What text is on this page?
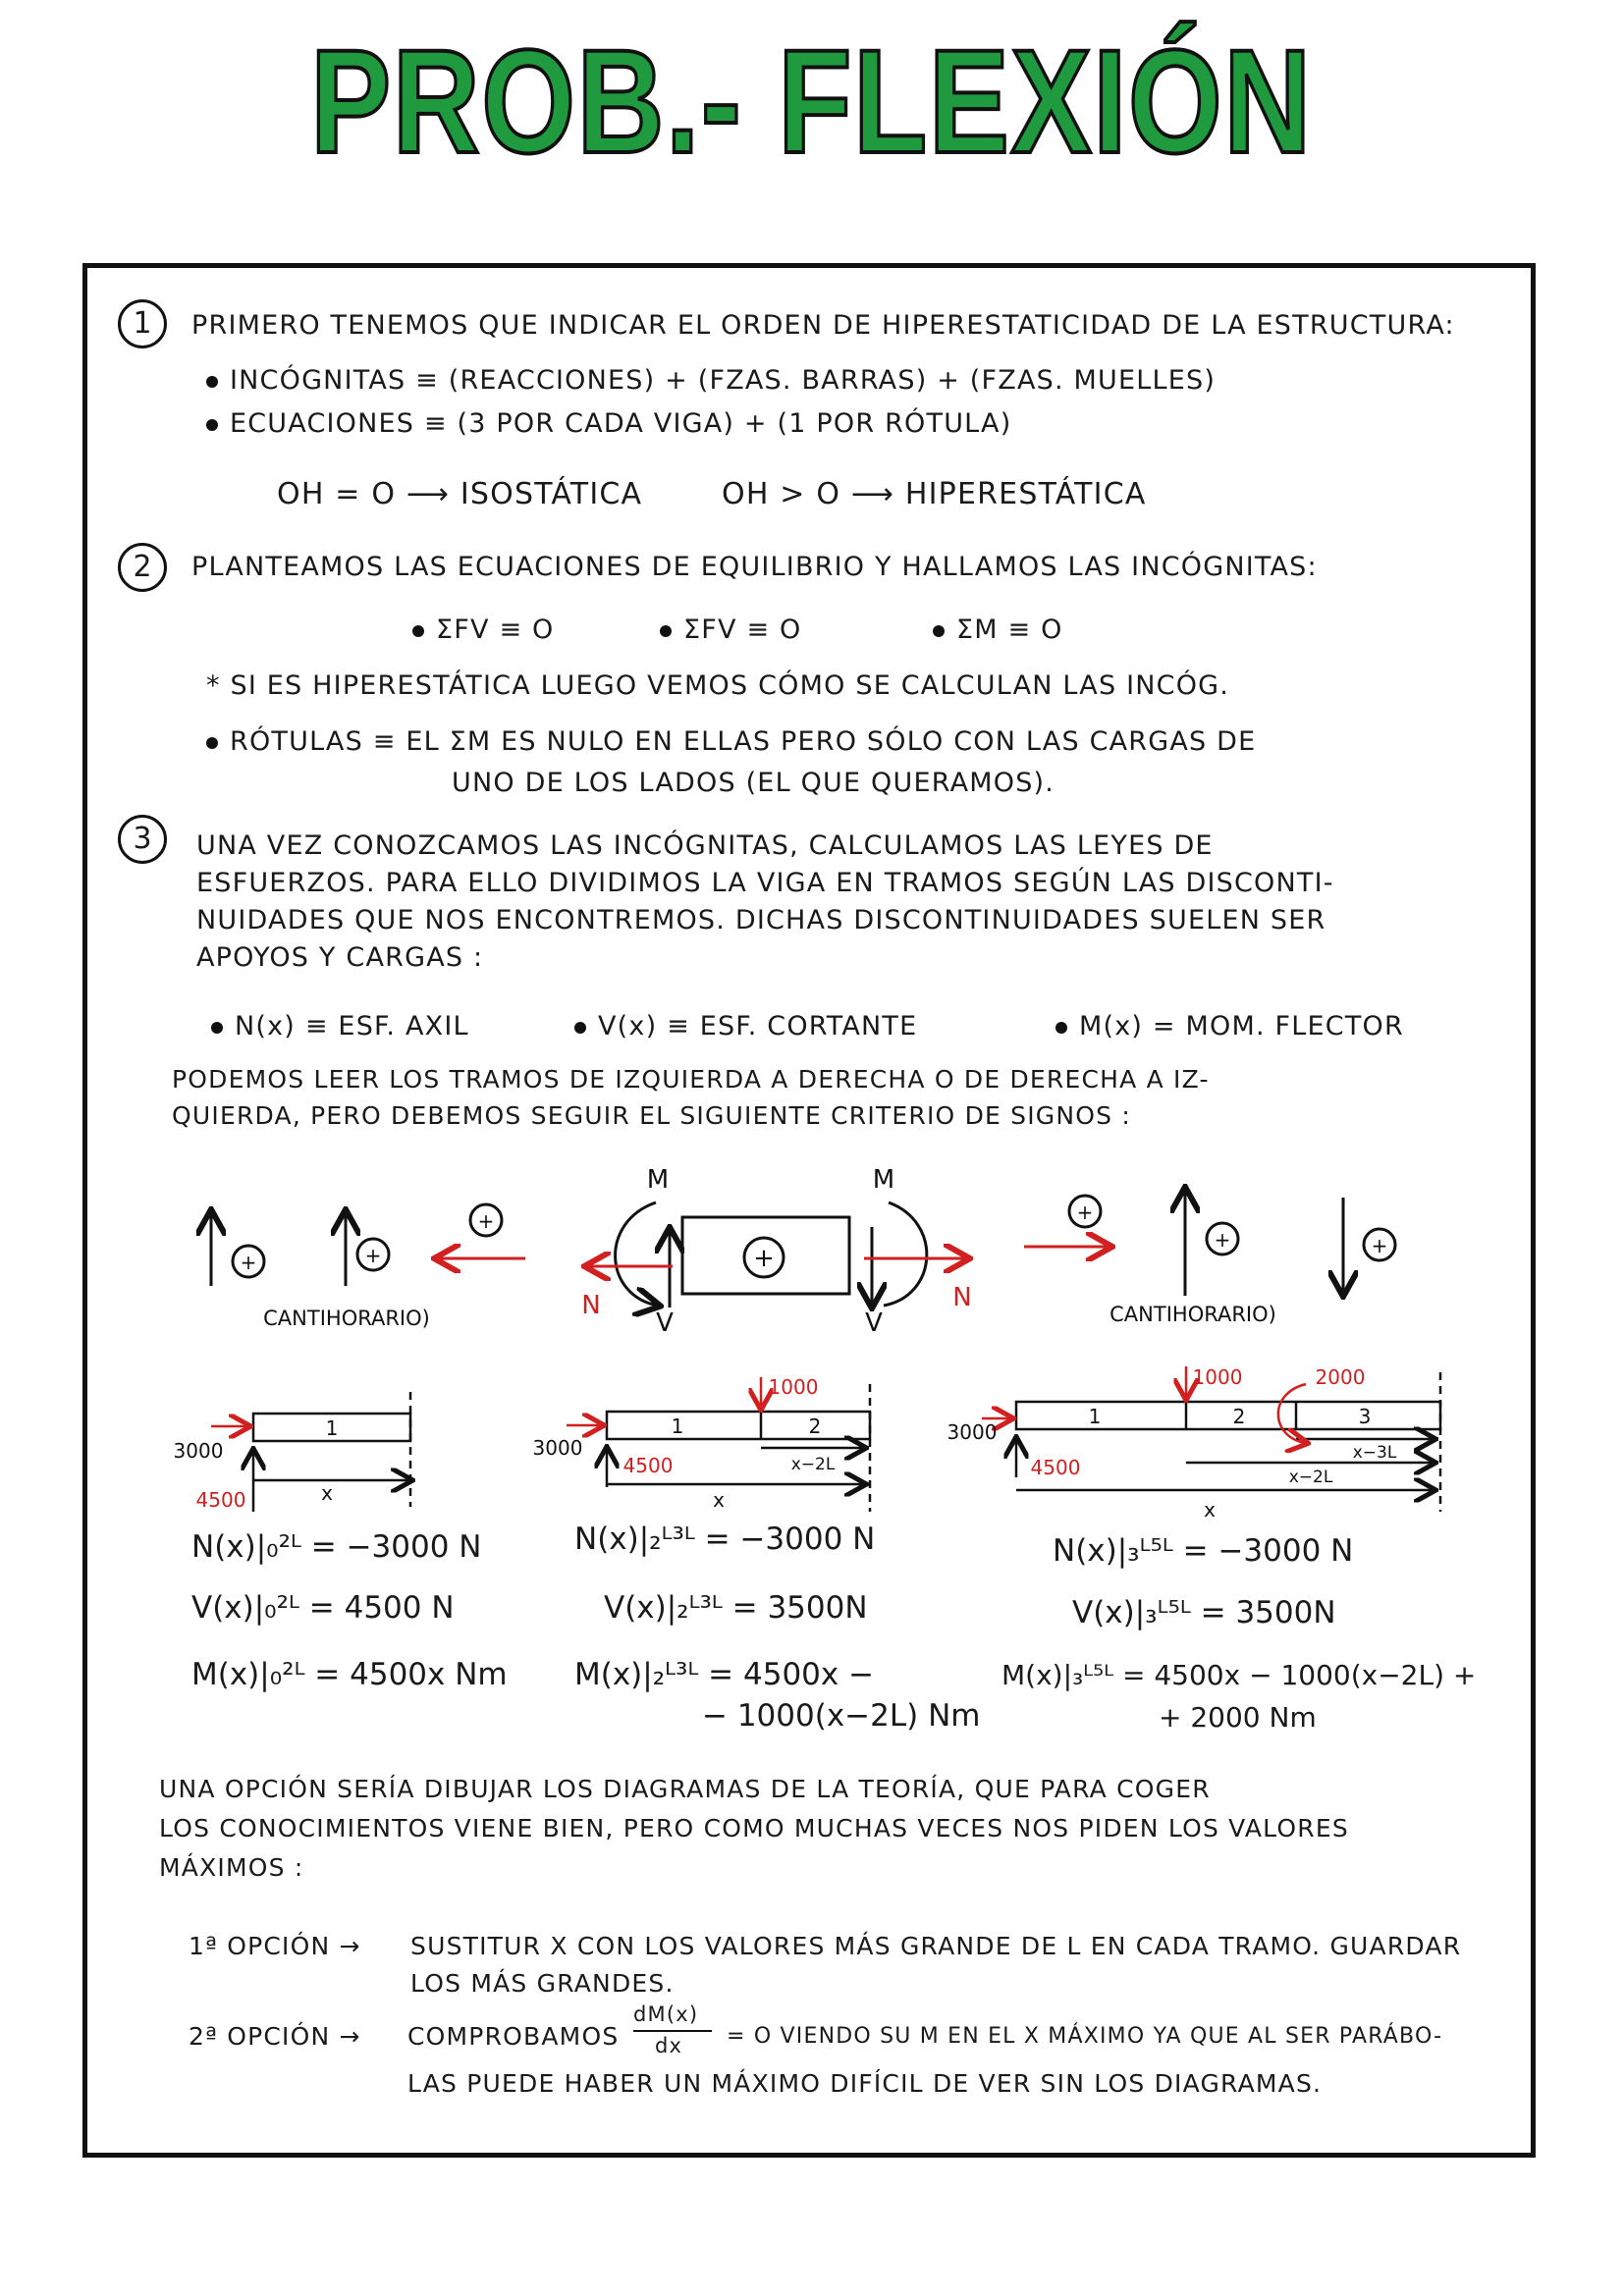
PROB.- FLEXIÓN
1	PRIMERO TENEMOS QUE INDICAR EL ORDEN DE HIPERESTATICIDAD DE LA ESTRUCTURA:
INCÓGNITAS ≡ (REACCIONES) + (FZAS. BARRAS) + (FZAS. MUELLES)
ECUACIONES ≡ (3 POR CADA VIGA) + (1 POR RÓTULA)
OH = O ⟶ ISOSTÁTICA	OH > O ⟶ HIPERESTÁTICA
2	PLANTEAMOS LAS ECUACIONES DE EQUILIBRIO Y HALLAMOS LAS INCÓGNITAS:
ΣFV ≡ O	ΣFV ≡ O	ΣM ≡ O
* SI ES HIPERESTÁTICA LUEGO VEMOS CÓMO SE CALCULAN LAS INCÓG.
RÓTULAS ≡ EL ΣM ES NULO EN ELLAS PERO SÓLO CON LAS CARGAS DE
UNO DE LOS LADOS (EL QUE QUERAMOS).
3	UNA VEZ CONOZCAMOS LAS INCÓGNITAS, CALCULAMOS LAS LEYES DE
ESFUERZOS. PARA ELLO DIVIDIMOS LA VIGA EN TRAMOS SEGÚN LAS DISCONTI-
NUIDADES QUE NOS ENCONTREMOS. DICHAS DISCONTINUIDADES SUELEN SER
APOYOS Y CARGAS :
N(x) ≡ ESF. AXIL	V(x) ≡ ESF. CORTANTE	M(x) = MOM. FLECTOR
PODEMOS LEER LOS TRAMOS DE IZQUIERDA A DERECHA O DE DERECHA A IZ-
QUIERDA, PERO DEBEMOS SEGUIR EL SIGUIENTE CRITERIO DE SIGNOS :
+	+
+
+
+
+	+
CANTIHORARIO)	CANTIHORARIO)
M	M
V	V
N	N
3000
4500
1
x
3000
4500
1000
1	2
x−2L
x
3000
4500
1000	2000
1	2	3
x−3L
x−2L
x
N(x)|₀²ᴸ = −3000 N
V(x)|₀²ᴸ = 4500 N
M(x)|₀²ᴸ = 4500x Nm
N(x)|₂ᴸ³ᴸ = −3000 N
V(x)|₂ᴸ³ᴸ = 3500N
M(x)|₂ᴸ³ᴸ = 4500x −
− 1000(x−2L) Nm
N(x)|₃ᴸ⁵ᴸ = −3000 N
V(x)|₃ᴸ⁵ᴸ = 3500N
M(x)|₃ᴸ⁵ᴸ = 4500x − 1000(x−2L) +
+ 2000 Nm
UNA OPCIÓN SERÍA DIBUJAR LOS DIAGRAMAS DE LA TEORÍA, QUE PARA COGER
LOS CONOCIMIENTOS VIENE BIEN, PERO COMO MUCHAS VECES NOS PIDEN LOS VALORES
MÁXIMOS :
1ª OPCIÓN → SUSTITUR X CON LOS VALORES MÁS GRANDE DE L EN CADA TRAMO. GUARDAR
LOS MÁS GRANDES.
2ª OPCIÓN → COMPROBAMOS
dM(x)
dx = O VIENDO SU M EN EL X MÁXIMO YA QUE AL SER PARÁBO-
LAS PUEDE HABER UN MÁXIMO DIFÍCIL DE VER SIN LOS DIAGRAMAS.
